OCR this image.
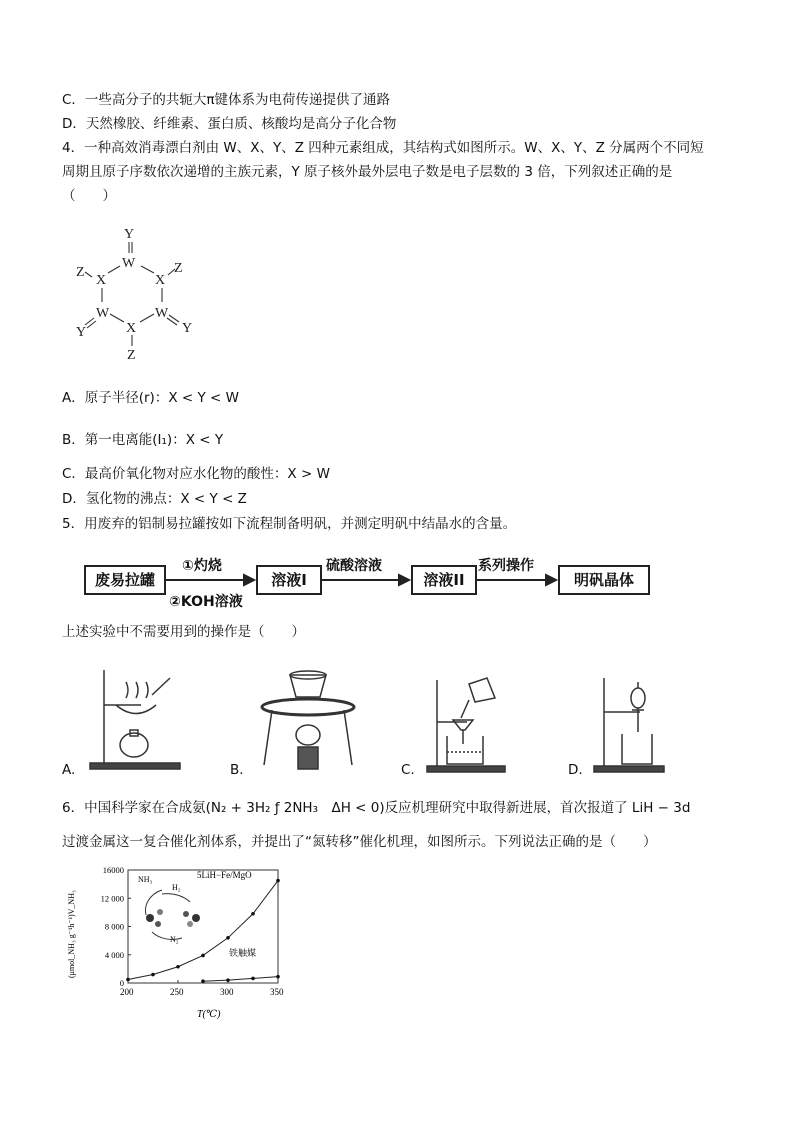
C．一些高分子的共轭大π键体系为电荷传递提供了通路
D．天然橡胶、纤维素、蛋白质、核酸均是高分子化合物
4．一种高效消毒漂白剂由 W、X、Y、Z 四种元素组成，其结构式如图所示。W、X、Y、Z 分属两个不同短
周期且原子序数依次递增的主族元素，Y 原子核外最外层电子数是电子层数的 3 倍，下列叙述正确的是
（　　）
Y
W
X	X
Z	Z
W	W
X
Y	Y
Z
A．原子半径(r)：X < Y < W
B．第一电离能(I₁)：X < Y
C．最高价氧化物对应水化物的酸性：X > W
D．氢化物的沸点：X < Y < Z
5．用废弃的铝制易拉罐按如下流程制备明矾，并测定明矾中结晶水的含量。
废易拉罐
①灼烧
②KOH溶液
溶液I
硫酸溶液
溶液II
系列操作
明矾晶体
上述实验中不需要用到的操作是（　　）
A.	B.	C.	D.
6．中国科学家在合成氨(N₂ + 3H₂ ƒ 2NH₃　ΔH < 0)反应机理研究中取得新进展，首次报道了 LiH − 3d
过渡金属这一复合催化剂体系，并提出了“氮转移”催化机理，如图所示。下列说法正确的是（　　）
5LiH−Fe/MgO
T(℃)
(μmol_NH₃ g⁻¹h⁻¹)V_NH₃
200	250	300	350
0
4 000
8 000
12 000
16000
铁触媒
NH₃
H₂
N₂
